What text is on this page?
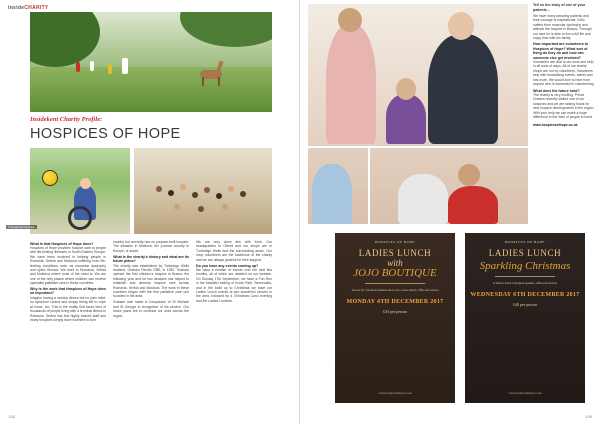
insideCHARITY
Insidekent Charity Profile:
HOSPICES OF HOPE
© Hospices of Hope
What is that Hospices of Hope does?

Hospices of Hope provides hospice care to people with life-limiting illnesses in South Eastern Europe. We have been involved in helping people in Romania, Serbia and Moldova suffering from life-limiting conditions such as muscular dystrophy and cystic fibrosis. We work in Romania, Serbia and Moldova where most of the need is. We are one of the only places where children can receive specialist palliative care in these countries.

Why is the work that Hospices of Hope does so important?

Imagine having a serious illness but no pain relief, no symptom control and simply being left to cope at home, too. This is the reality that faces tens of thousands of people living with a terminal illness in Romania. Serbia has few highly trained staff and many hospices simply have nowhere to turn.

country but currently has no purpose-built hospice. The situation in Moldova, the poorest country in Europe, is worse.

What is the charity's history and what are its future plans?

The charity was established by Tunbridge Wells resident, Graham Perolls OBE, in 1992. Graham opened the first children's hospice in Brasov the following year and for two decades has helped to establish and develop hospice care across Romania, Serbia and Moldova. The work in these countries began with the first palliative care unit founded in the area.

Graham was made a Companion of St Michael and St George in recognition of his service. Our future plans are to continue our work across the region.

We are very close ties with Kent. Our headquarters in Otford and our shops are in Tunbridge Wells and the surrounding areas. Our shop volunteers are the backbone of the charity and we are always grateful for their support.

Do you have any events coming up?

We have a number of events over the next few months, all of which are detailed on our website. On Sunday 17th September, we have a Fun Run in the beautiful setting of Knole Park, Sevenoaks, and in the build up to Christmas we have our Ladies Lunch events at two wonderful venues in the area, followed by a Christmas Carol evening and the Ladies Lunches.

138

Tell us the story of one of your patients...

We have many amazing patients and their courage is inspirational. Cells suffers from muscular dystrophy and attends the hospice in Brasov. Through our care he is able to live a full life and enjoy time with his family.

How important are volunteers to Hospices of Hope? What sort of thing do they do and how can someone else get involved?

Volunteers are vital to our work and help in all sorts of ways. All of our charity shops are run by volunteers. Volunteers help with fundraising events, admin and lots more. We would love to hear from anyone who is interested in volunteering.

What does the future hold?

The charity is very exciting. Prince Charles recently visited one of our hospices and we are raising funds for new hospice developments in the region. With your help we can make a huge difference to the lives of people in need.

www.hospicesofhope.co.uk

HOSPICES OF HOPE
LADIES LUNCH
with
JOJO BOUTIQUE
Join us for a fabulous fashion show, two course lunch, raffle and auction
MONDAY 4TH DECEMBER 2017
£35 per person
www.hospicesofhope.co.uk
HOSPICES OF HOPE
LADIES LUNCH
Sparkling Christmas
A festive lunch with guest speaker, raffle and auction
WEDNESDAY 6TH DECEMBER 2017
£40 per person
www.hospicesofhope.co.uk
139
